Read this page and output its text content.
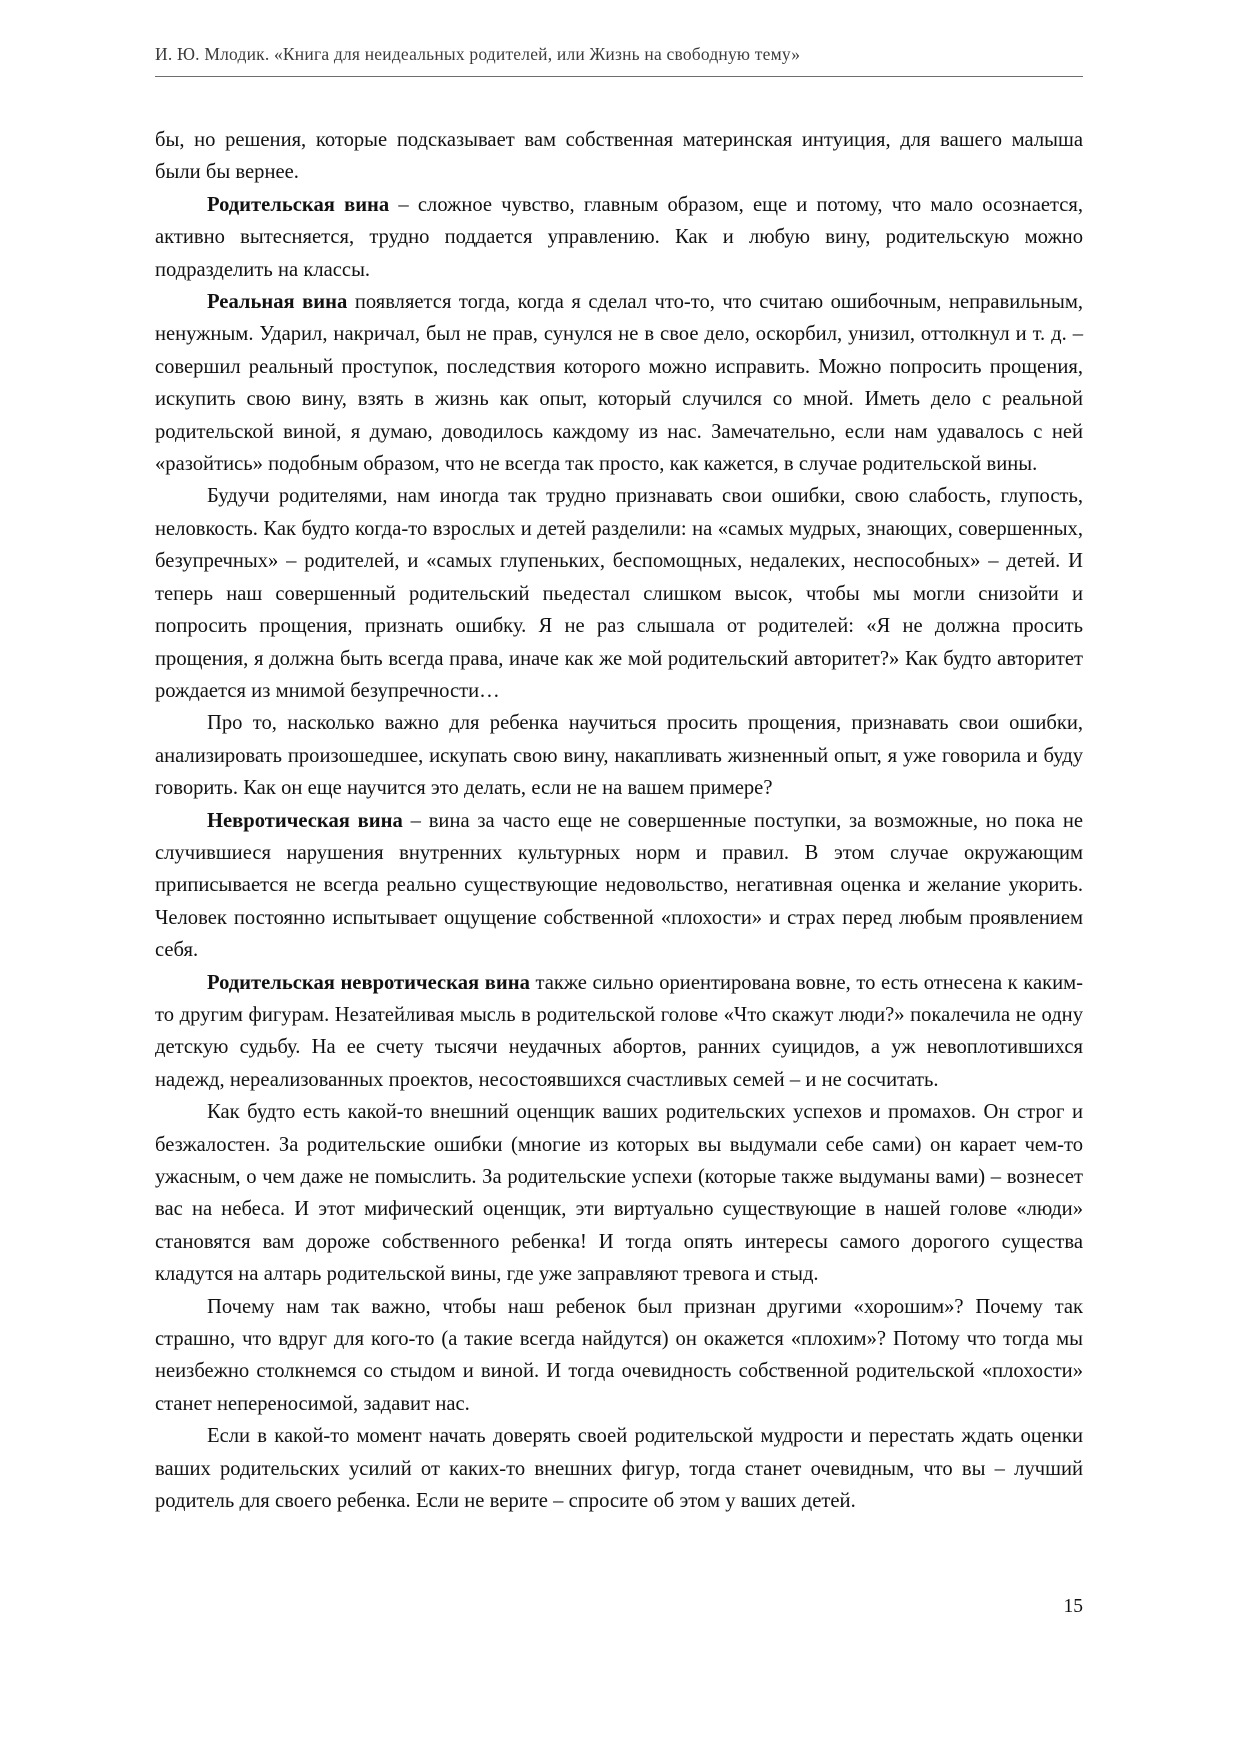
И. Ю. Млодик. «Книга для неидеальных родителей, или Жизнь на свободную тему»

бы, но решения, которые подсказывает вам собственная материнская интуиция, для вашего малыша были бы вернее.

Родительская вина – сложное чувство, главным образом, еще и потому, что мало осознается, активно вытесняется, трудно поддается управлению. Как и любую вину, родительскую можно подразделить на классы.

Реальная вина появляется тогда, когда я сделал что-то, что считаю ошибочным, неправильным, ненужным. Ударил, накричал, был не прав, сунулся не в свое дело, оскорбил, унизил, оттолкнул и т. д. – совершил реальный проступок, последствия которого можно исправить. Можно попросить прощения, искупить свою вину, взять в жизнь как опыт, который случился со мной. Иметь дело с реальной родительской виной, я думаю, доводилось каждому из нас. Замечательно, если нам удавалось с ней «разойтись» подобным образом, что не всегда так просто, как кажется, в случае родительской вины.

Будучи родителями, нам иногда так трудно признавать свои ошибки, свою слабость, глупость, неловкость. Как будто когда-то взрослых и детей разделили: на «самых мудрых, знающих, совершенных, безупречных» – родителей, и «самых глупеньких, беспомощных, недалеких, неспособных» – детей. И теперь наш совершенный родительский пьедестал слишком высок, чтобы мы могли снизойти и попросить прощения, признать ошибку. Я не раз слышала от родителей: «Я не должна просить прощения, я должна быть всегда права, иначе как же мой родительский авторитет?» Как будто авторитет рождается из мнимой безупречности…

Про то, насколько важно для ребенка научиться просить прощения, признавать свои ошибки, анализировать произошедшее, искупать свою вину, накапливать жизненный опыт, я уже говорила и буду говорить. Как он еще научится это делать, если не на вашем примере?

Невротическая вина – вина за часто еще не совершенные поступки, за возможные, но пока не случившиеся нарушения внутренних культурных норм и правил. В этом случае окружающим приписывается не всегда реально существующие недовольство, негативная оценка и желание укорить. Человек постоянно испытывает ощущение собственной «плохости» и страх перед любым проявлением себя.

Родительская невротическая вина также сильно ориентирована вовне, то есть отнесена к каким-то другим фигурам. Незатейливая мысль в родительской голове «Что скажут люди?» покалечила не одну детскую судьбу. На ее счету тысячи неудачных абортов, ранних суицидов, а уж невоплотившихся надежд, нереализованных проектов, несостоявшихся счастливых семей – и не сосчитать.

Как будто есть какой-то внешний оценщик ваших родительских успехов и промахов. Он строг и безжалостен. За родительские ошибки (многие из которых вы выдумали себе сами) он карает чем-то ужасным, о чем даже не помыслить. За родительские успехи (которые также выдуманы вами) – вознесет вас на небеса. И этот мифический оценщик, эти виртуально существующие в нашей голове «люди» становятся вам дороже собственного ребенка! И тогда опять интересы самого дорогого существа кладутся на алтарь родительской вины, где уже заправляют тревога и стыд.

Почему нам так важно, чтобы наш ребенок был признан другими «хорошим»? Почему так страшно, что вдруг для кого-то (а такие всегда найдутся) он окажется «плохим»? Потому что тогда мы неизбежно столкнемся со стыдом и виной. И тогда очевидность собственной родительской «плохости» станет непереносимой, задавит нас.

Если в какой-то момент начать доверять своей родительской мудрости и перестать ждать оценки ваших родительских усилий от каких-то внешних фигур, тогда станет очевидным, что вы – лучший родитель для своего ребенка. Если не верите – спросите об этом у ваших детей.

15
